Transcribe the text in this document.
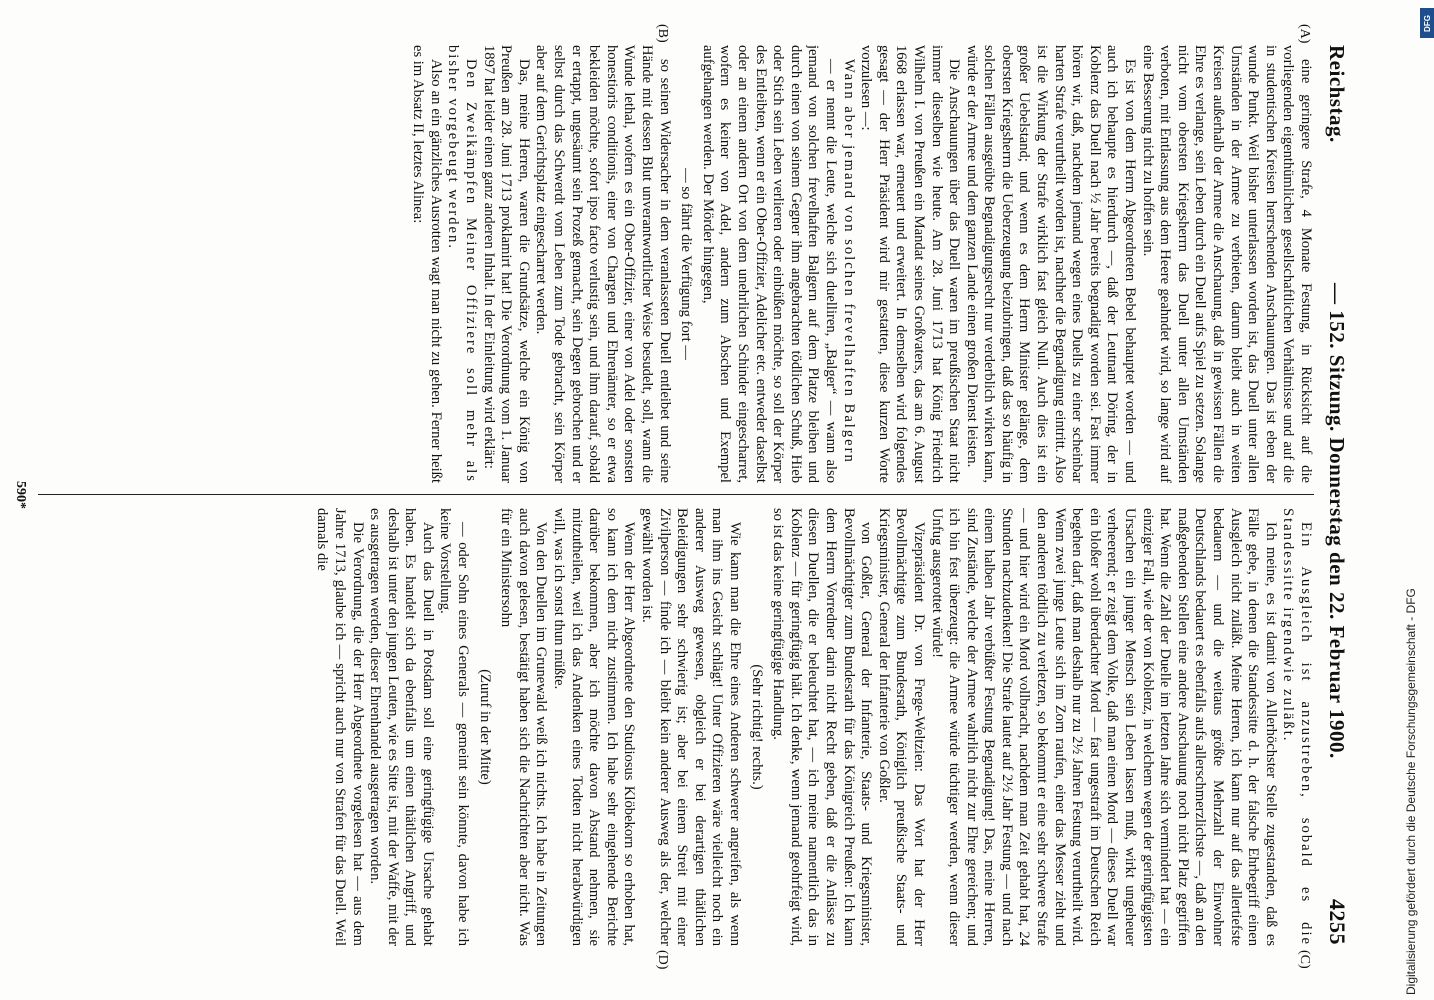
Reichstag.
— 152. Sitzung. Donnerstag den 22. Februar 1900.
4255
(A)
(B)
(C)
(D)

eine geringere Strafe, 4 Monate Festung, in Rücksicht auf die vorliegenden eigenthümlichen gesellschaftlichen Verhältnisse und auf die in studentischen Kreisen herrschenden Anschauungen. Das ist eben der wunde Punkt. Weil bisher unterlassen worden ist, das Duell unter allen Umständen in der Armee zu verbieten, darum bleibt auch in weiten Kreisen außerhalb der Armee die Anschauung, daß in gewissen Fällen die Ehre es verlange, sein Leben durch ein Duell aufs Spiel zu setzen. Solange nicht vom obersten Kriegsherrn das Duell unter allen Umständen verboten, mit Entlassung aus dem Heere geahndet wird, so lange wird auf eine Besserung nicht zu hoffen sein.

Es ist von dem Herrn Abgeordneten Bebel behauptet worden — und auch ich behaupte es hierdurch —, daß der Leutnant Döring, der in Koblenz das Duell nach ½ Jahr bereits begnadigt worden sei. Fast immer hören wir, daß, nachdem jemand wegen eines Duells zu einer scheinbar harten Strafe verurtheilt worden ist, nachher die Begnadigung eintritt. Also ist die Wirkung der Strafe wirklich fast gleich Null. Auch dies ist ein großer Uebelstand; und wenn es dem Herrn Minister gelänge, dem obersten Kriegsherrn die Ueberzeugung beizubringen, daß das so häufig in solchen Fällen ausgeübte Begnadigungsrecht nur verderblich wirken kann, würde er der Armee und dem ganzen Lande einen großen Dienst leisten.

Die Anschauungen über das Duell waren im preußischen Staat nicht immer dieselben wie heute. Am 28. Juni 1713 hat König Friedrich Wilhelm I. von Preußen ein Mandat seines Großvaters, das am 6. August 1668 erlassen war, erneuert und erweitert. In demselben wird folgendes gesagt — der Herr Präsident wird mir gestatten, diese kurzen Worte vorzulesen —:

Wann aber jemand von solchen frevelhaften Balgern

— er nennt die Leute, welche sich duelliren, „Balger“ — wann also jemand von solchen frevelhaften Balgern auf dem Platze bleiben und durch einen von seinem Gegner ihm angebrachten tödlichen Schuß, Hieb oder Stich sein Leben verlieren oder einbüßen möchte, so soll der Körper des Entleibten, wenn er ein Ober-Offizier, Adelicher etc. entweder daselbst oder an einem andern Ort von dem unehrlichen Schinder eingescharret, wofern es keiner von Adel, andern zum Abschen und Exempel aufgehangen werden. Der Mörder hingegen,

— so fährt die Verfügung fort —

so seinen Widersacher in dem veranlasseten Duell entleibet und seine Hände mit dessen Blut unverantwortlicher Weise besudelt, soll, wann die Wunde lethal, wofern es ein Ober-Offizier, einer von Adel oder sonsten honestioris conditionis, einer von Chargen und Ehrenämter, so er etwa bekleiden möchte, sofort ipso facto verlustig sein, und ihm darauf, sobald er ertappt, ungesäumt sein Prozeß gemacht, sein Degen gebrochen und er selbst durch das Schwerdt vom Leben zum Tode gebracht, sein Körper aber auf dem Gerichtsplatz eingescharret werden.

Das, meine Herren, waren die Grundsätze, welche ein König von Preußen am 28. Juni 1713 proklamirt hat! Die Verordnung vom 1. Januar 1897 hat leider einen ganz anderen Inhalt. In der Einleitung wird erklärt:

Den Zweikämpfen Meiner Offiziere soll mehr als bisher vorgebeugt werden.

Also an ein gänzliches Ausrotten wagt man nicht zu gehen. Ferner heißt es im Absatz II, letztes Alinea:

Ein Ausgleich ist anzustreben, sobald es die Standessitte irgendwie zuläßt.

Ich meine, es ist damit von Allerhöchster Stelle zugestanden, daß es Fälle gebe, in denen die Standessitte d. h. der falsche Ehrbegriff einen Ausgleich nicht zuläßt. Meine Herren, ich kann nur auf das allertiefste bedauern — und die weitaus größte Mehrzahl der Einwohner Deutschlands bedauert es ebenfalls aufs allerschmerzlichste —, daß an den maßgebenden Stellen eine andere Anschauung noch nicht Platz gegriffen hat. Wenn die Zahl der Duelle im letzten Jahre sich vermindert hat — ein einziger Fall, wie der von Koblenz, in welchem wegen der geringfügigsten Ursachen ein junger Mensch sein Leben lassen muß, wirkt ungeheuer verheerend; er zeigt dem Volke, daß man einen Mord — dieses Duell war ein bloßer wohl überdachter Mord — fast ungestraft im Deutschen Reich begehen darf, daß man deshalb nur zu 2½ Jahren Festung verurtheilt wird. Wenn zwei junge Leute sich im Zorn raufen, einer das Messer zieht und den anderen tödtlich zu verletzen, so bekommt er eine sehr schwere Strafe — und hier wird ein Mord vollbracht, nachdem man Zeit gehabt hat, 24 Stunden nachzudenken! Die Strafe lautet auf 2½ Jahr Festung — und nach einem halben Jahr verbüßter Festung Begnadigung! Das, meine Herren, sind Zustände, welche der Armee wahrlich nicht zur Ehre gereichen; und ich bin fest überzeugt: die Armee würde tüchtiger werden, wenn dieser Unfug ausgerottet würde!

Vizepräsident Dr. von Frege-Weltzien: Das Wort hat der Herr Bevollmächtigte zum Bundesrath, Königlich preußische Staats- und Kriegsminister, General der Infanterie von Goßler.

von Goßler, General der Infanterie, Staats- und Kriegsminister, Bevollmächtigter zum Bundesrath für das Königreich Preußen: Ich kann dem Herrn Vorredner darin nicht Recht geben, daß er die Anlässe zu diesen Duellen, die er beleuchtet hat, — ich meine namentlich das in Koblenz — für geringfügig hält. Ich denke, wenn jemand geohrfeigt wird, so ist das keine geringfügige Handlung.

(Sehr richtig! rechts.)

Wie kann man die Ehre eines Anderen schwerer angreifen, als wenn man ihm ins Gesicht schlägt! Unter Offizieren wäre vielleicht noch ein anderer Ausweg gewesen, obgleich er bei derartigen thätlichen Beleidigungen sehr schwierig ist; aber bei einem Streit mit einer Zivilperson — finde ich — bleibt kein anderer Ausweg als der, welcher gewählt worden ist.

Wenn der Herr Abgeordnete den Studiosus Klöbekorn so erhoben hat, so kann ich dem nicht zustimmen. Ich habe sehr eingehende Berichte darüber bekommen, aber ich möchte davon Abstand nehmen, sie mitzutheilen, weil ich das Andenken eines Todten nicht herabwürdigen will, was ich sonst thun müßte.

Von den Duellen im Grunewald weiß ich nichts. Ich habe in Zeitungen auch davon gelesen, bestätigt haben sich die Nachrichten aber nicht. Was für ein Ministersohn

(Zuruf in der Mitte)

— oder Sohn eines Generals — gemeint sein könnte, davon habe ich keine Vorstellung.

Auch das Duell in Potsdam soll eine geringfügige Ursache gehabt haben. Es handelt sich da ebenfalls um einen thätlichen Angriff, und deshalb ist unter den jungen Leuten, wie es Sitte ist, mit der Waffe, mit der es ausgetragen werden, dieser Ehrenhandel ausgetragen worden.

Die Verordnung, die der Herr Abgeordnete vorgelesen hat — aus dem Jahre 1713, glaube ich — spricht auch nur von Strafen für das Duell. Weil damals die

590*
Digitalisierung gefördert durch die Deutsche Forschungsgemeinschaft - DFG
DFG
